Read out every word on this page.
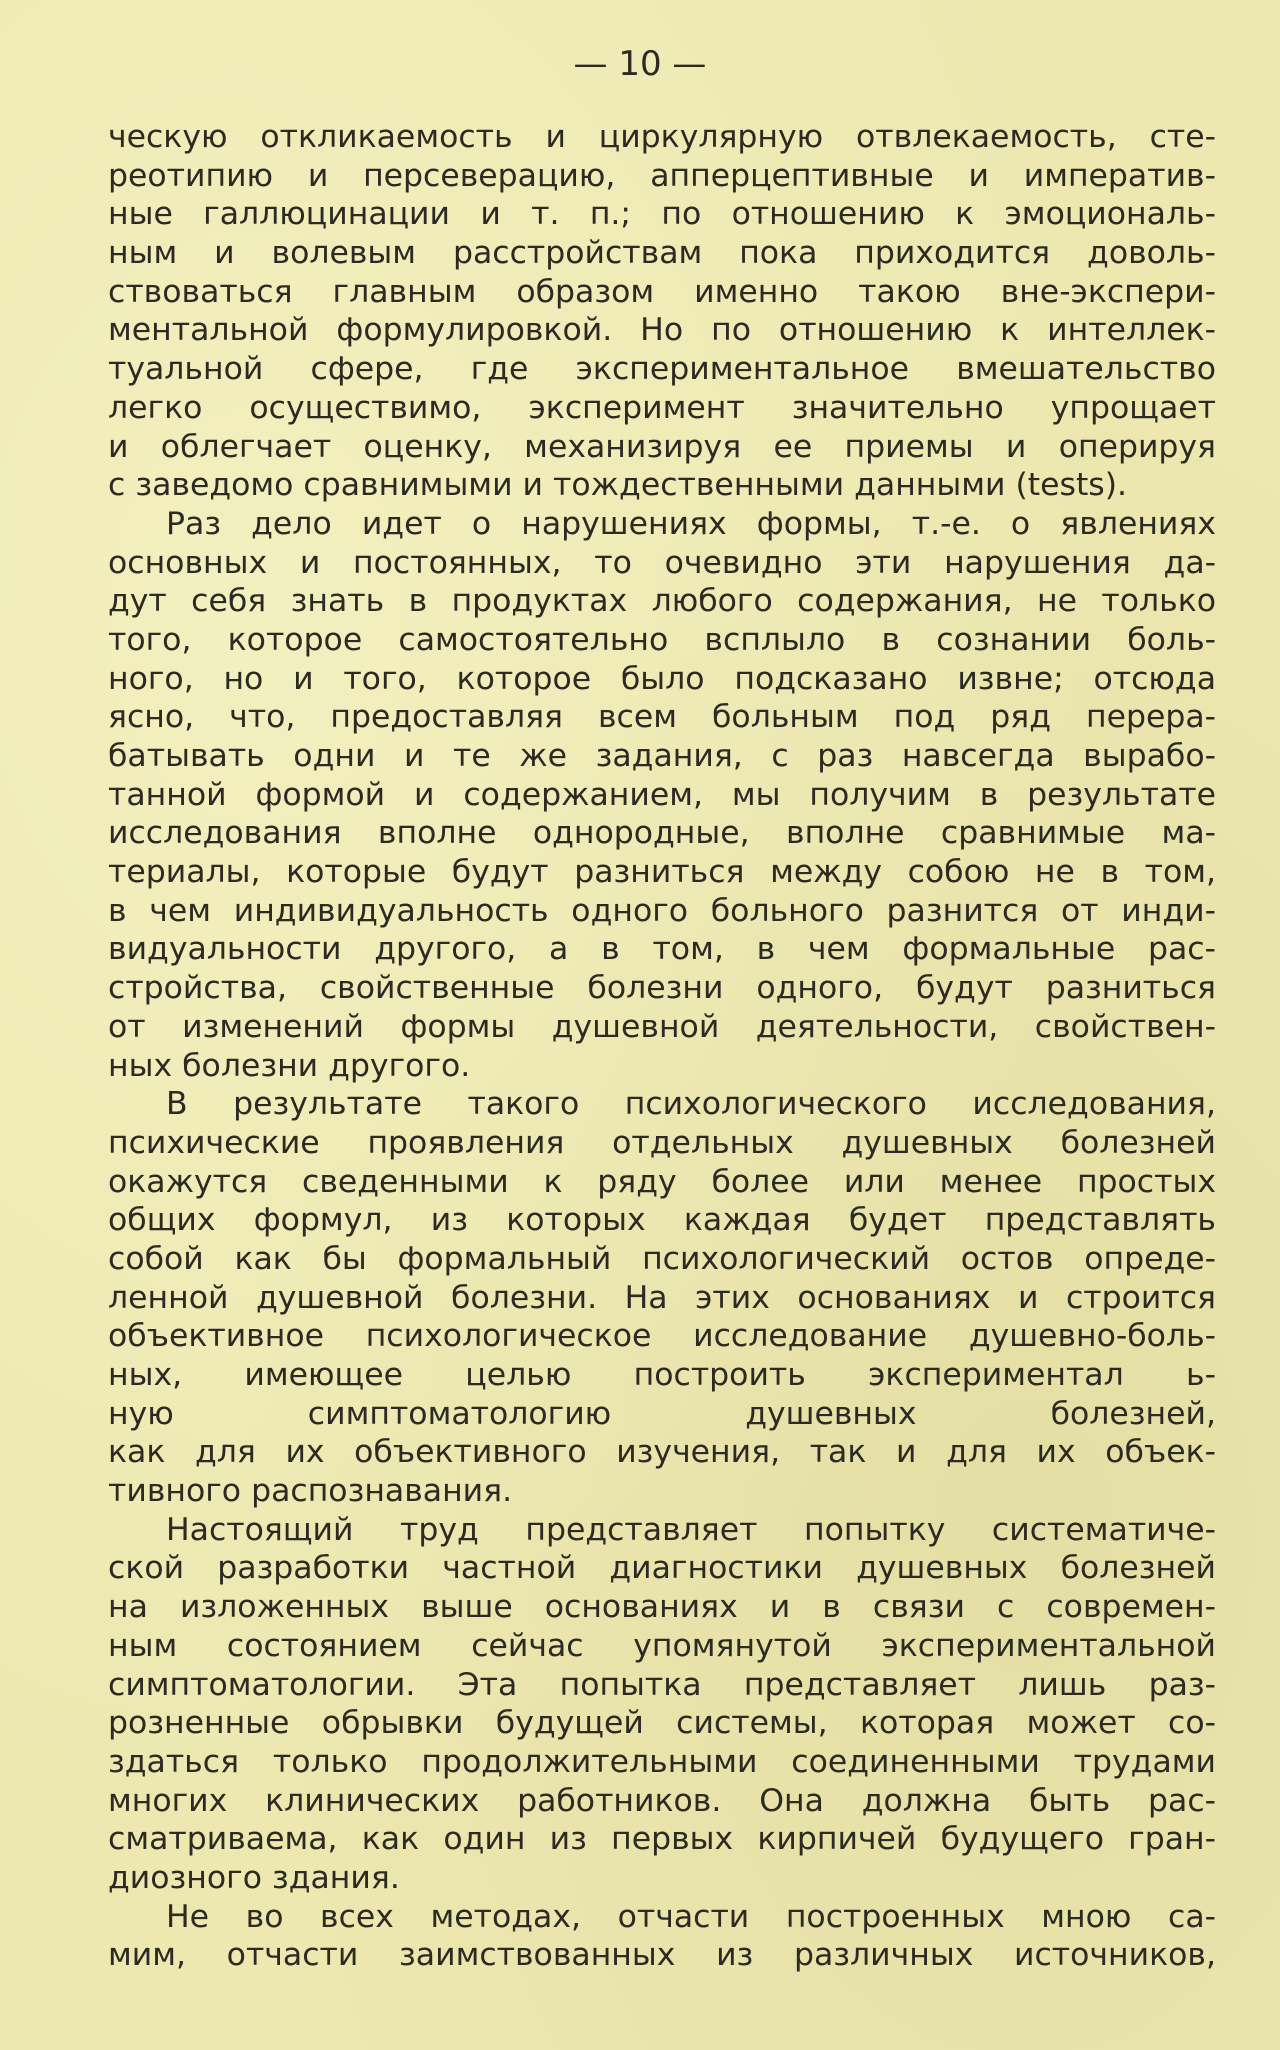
— 10 —
ческую откликаемость и циркулярную отвлекаемость, сте-
реотипию и персеверацию, апперцептивные и императив-
ные галлюцинации и т. п.; по отношению к эмоциональ-
ным и волевым расстройствам пока приходится доволь-
ствоваться главным образом именно такою вне-экспери-
ментальной формулировкой. Но по отношению к интеллек-
туальной сфере, где экспериментальное вмешательство
легко осуществимо, эксперимент значительно упрощает
и облегчает оценку, механизируя ее приемы и оперируя
с заведомо сравнимыми и тождественными данными (tests).
Раз дело идет о нарушениях формы, т.-е. о явлениях
основных и постоянных, то очевидно эти нарушения да-
дут себя знать в продуктах любого содержания, не только
того, которое самостоятельно всплыло в сознании боль-
ного, но и того, которое было подсказано извне; отсюда
ясно, что, предоставляя всем больным под ряд перера-
батывать одни и те же задания, с раз навсегда вырабо-
танной формой и содержанием, мы получим в результате
исследования вполне однородные, вполне сравнимые ма-
териалы, которые будут разниться между собою не в том,
в чем индивидуальность одного больного разнится от инди-
видуальности другого, а в том, в чем формальные рас-
стройства, свойственные болезни одного, будут разниться
от изменений формы душевной деятельности, свойствен-
ных болезни другого.
В результате такого психологического исследования,
психические проявления отдельных душевных болезней
окажутся сведенными к ряду более или менее простых
общих формул, из которых каждая будет представлять
собой как бы формальный психологический остов опреде-
ленной душевной болезни. На этих основаниях и строится
объективное психологическое исследование душевно-боль-
ных, имеющее целью построить экспериментал ь-
ную симптоматологию душевных болезней,
как для их объективного изучения, так и для их объек-
тивного распознавания.
Настоящий труд представляет попытку систематиче-
ской разработки частной диагностики душевных болезней
на изложенных выше основаниях и в связи с современ-
ным состоянием сейчас упомянутой экспериментальной
симптоматологии. Эта попытка представляет лишь раз-
розненные обрывки будущей системы, которая может со-
здаться только продолжительными соединенными трудами
многих клинических работников. Она должна быть рас-
сматриваема, как один из первых кирпичей будущего гран-
диозного здания.
Не во всех методах, отчасти построенных мною са-
мим, отчасти заимствованных из различных источников,
